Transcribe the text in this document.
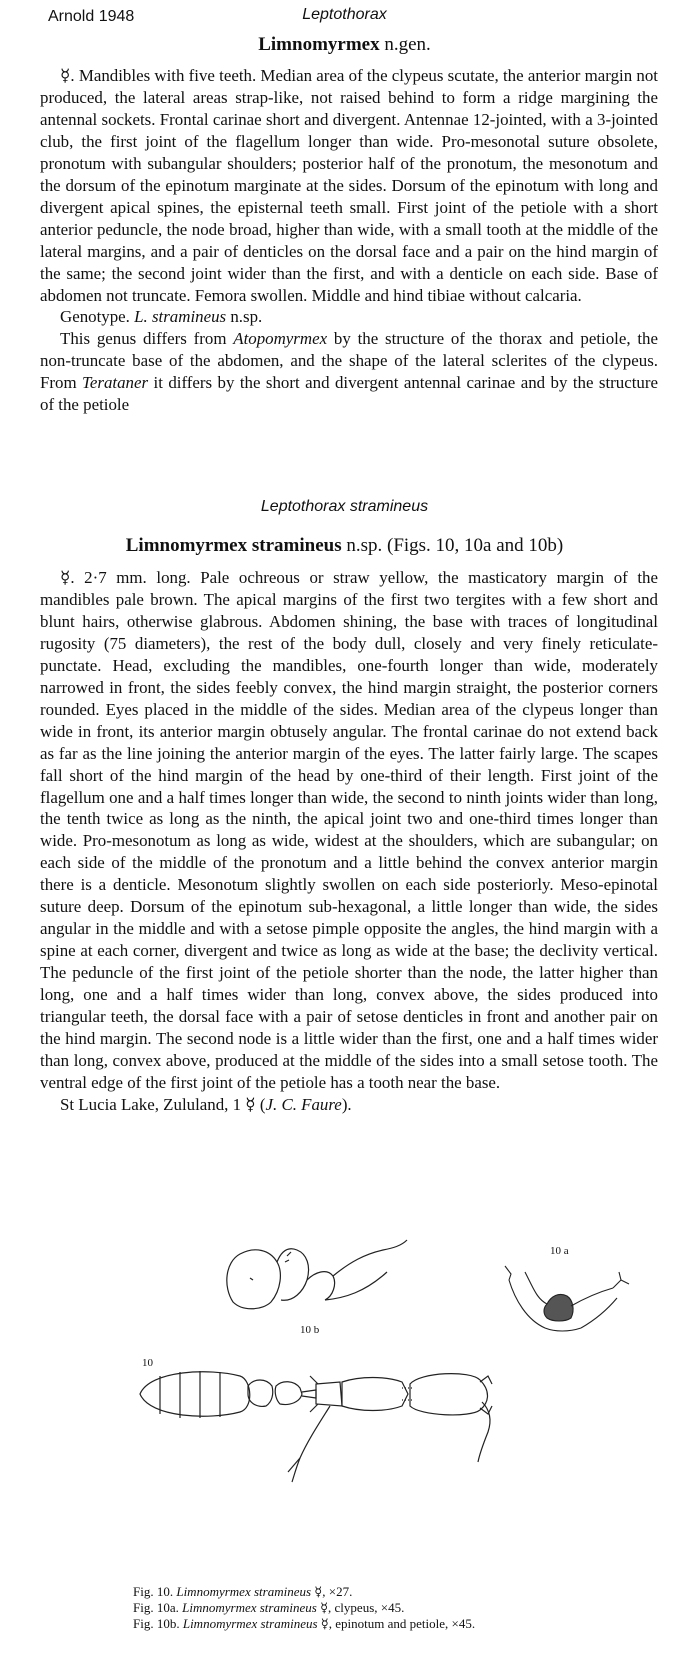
Arnold 1948	Leptothorax
Limnomyrmex n.gen.

☿. Mandibles with five teeth. Median area of the clypeus scutate, the anterior margin not produced, the lateral areas strap-like, not raised behind to form a ridge margining the antennal sockets. Frontal carinae short and divergent. Antennae 12-jointed, with a 3-jointed club, the first joint of the flagellum longer than wide. Pro-mesonotal suture obsolete, pronotum with subangular shoulders; posterior half of the pronotum, the mesonotum and the dorsum of the epinotum marginate at the sides. Dorsum of the epinotum with long and divergent apical spines, the episternal teeth small. First joint of the petiole with a short anterior peduncle, the node broad, higher than wide, with a small tooth at the middle of the lateral margins, and a pair of denticles on the dorsal face and a pair on the hind margin of the same; the second joint wider than the first, and with a denticle on each side. Base of abdomen not truncate. Femora swollen. Middle and hind tibiae without calcaria.

Genotype. L. stramineus n.sp.

This genus differs from Atopomyrmex by the structure of the thorax and petiole, the non-truncate base of the abdomen, and the shape of the lateral sclerites of the clypeus. From Terataner it differs by the short and divergent antennal carinae and by the structure of the petiole

Leptothorax stramineus
Limnomyrmex stramineus n.sp. (Figs. 10, 10a and 10b)

☿. 2·7 mm. long. Pale ochreous or straw yellow, the masticatory margin of the mandibles pale brown. The apical margins of the first two tergites with a few short and blunt hairs, otherwise glabrous. Abdomen shining, the base with traces of longitudinal rugosity (75 diameters), the rest of the body dull, closely and very finely reticulate-punctate. Head, excluding the mandibles, one-fourth longer than wide, moderately narrowed in front, the sides feebly convex, the hind margin straight, the posterior corners rounded. Eyes placed in the middle of the sides. Median area of the clypeus longer than wide in front, its anterior margin obtusely angular. The frontal carinae do not extend back as far as the line joining the anterior margin of the eyes. The latter fairly large. The scapes fall short of the hind margin of the head by one-third of their length. First joint of the flagellum one and a half times longer than wide, the second to ninth joints wider than long, the tenth twice as long as the ninth, the apical joint two and one-third times longer than wide. Pro-mesonotum as long as wide, widest at the shoulders, which are subangular; on each side of the middle of the pronotum and a little behind the convex anterior margin there is a denticle. Mesonotum slightly swollen on each side posteriorly. Meso-epinotal suture deep. Dorsum of the epinotum sub-hexagonal, a little longer than wide, the sides angular in the middle and with a setose pimple opposite the angles, the hind margin with a spine at each corner, divergent and twice as long as wide at the base; the declivity vertical. The peduncle of the first joint of the petiole shorter than the node, the latter higher than long, one and a half times wider than long, convex above, the sides produced into triangular teeth, the dorsal face with a pair of setose denticles in front and another pair on the hind margin. The second node is a little wider than the first, one and a half times wider than long, convex above, produced at the middle of the sides into a small setose tooth. The ventral edge of the first joint of the petiole has a tooth near the base.

St Lucia Lake, Zululand, 1 ☿ (J. C. Faure).

10 b
10 a
10
Fig. 10. Limnomyrmex stramineus ☿, ×27.
Fig. 10a. Limnomyrmex stramineus ☿, clypeus, ×45.
Fig. 10b. Limnomyrmex stramineus ☿, epinotum and petiole, ×45.
